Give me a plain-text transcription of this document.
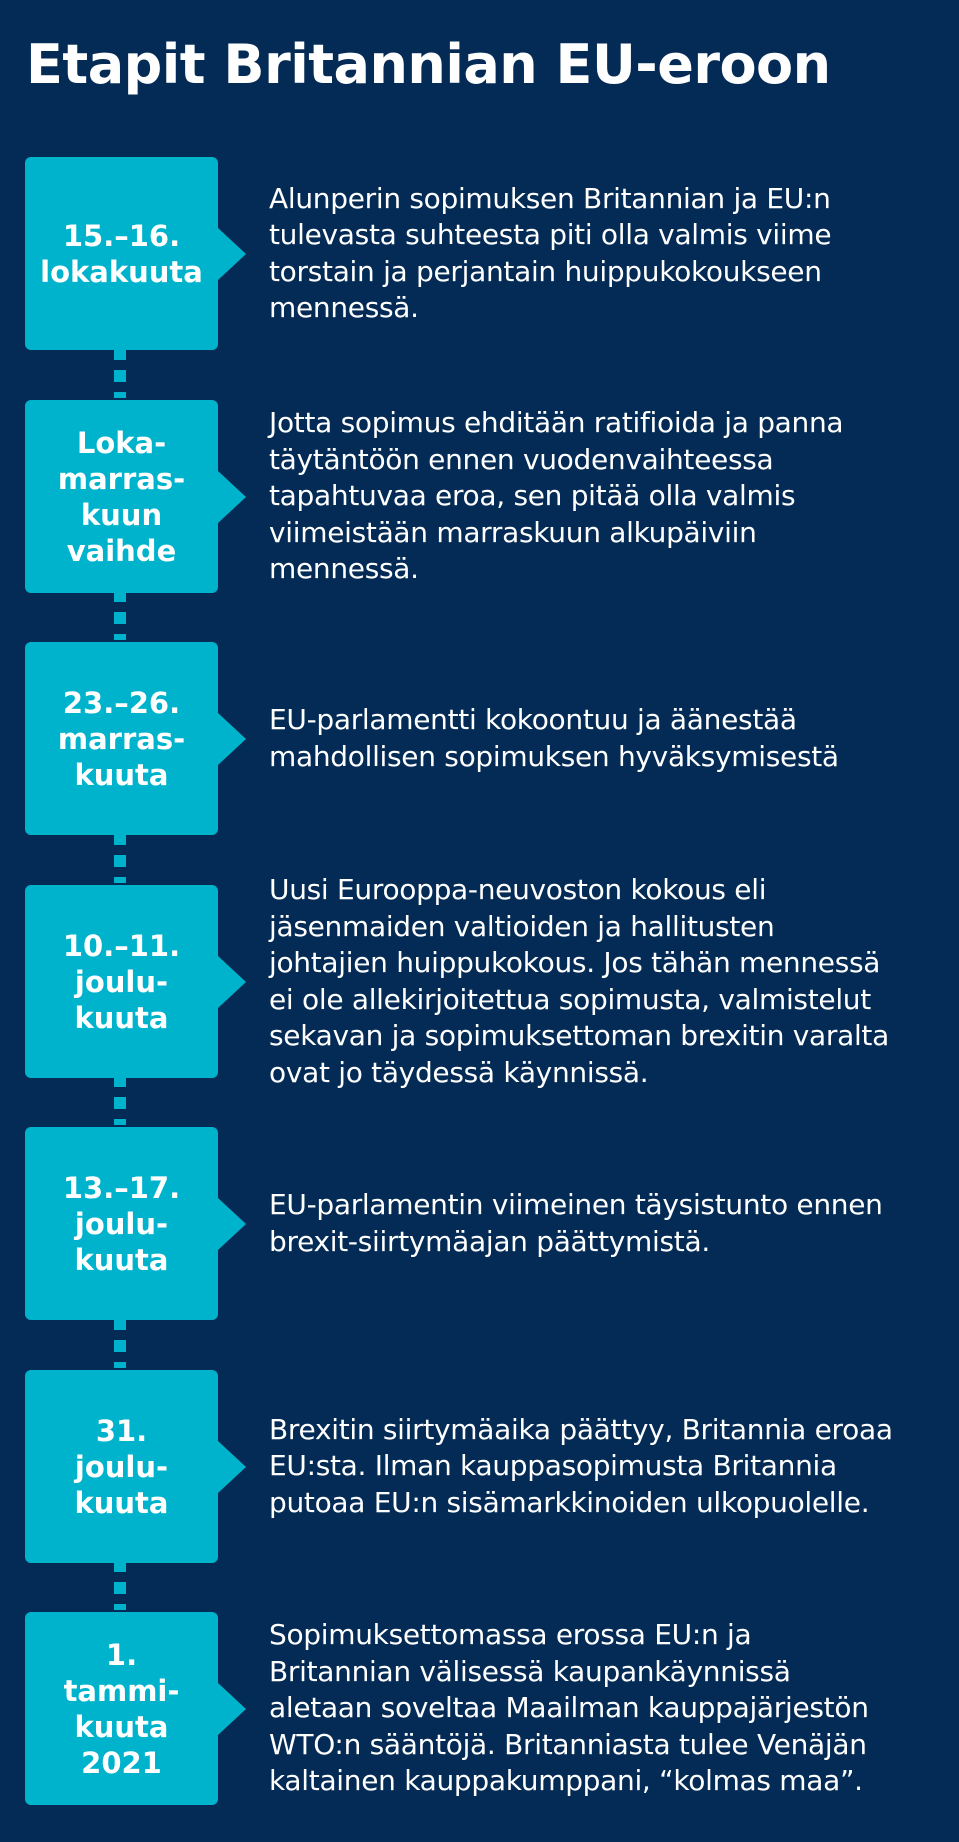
Etapit Britannian EU-eroon
15.–16.
lokakuuta
Alunperin sopimuksen Britannian ja EU:n
tulevasta suhteesta piti olla valmis viime
torstain ja perjantain huippukokoukseen
mennessä.
Loka-
marras-
kuun
vaihde
Jotta sopimus ehditään ratifioida ja panna
täytäntöön ennen vuodenvaihteessa
tapahtuvaa eroa, sen pitää olla valmis
viimeistään marraskuun alkupäiviin
mennessä.
23.–26.
marras-
kuuta
EU-parlamentti kokoontuu ja äänestää
mahdollisen sopimuksen hyväksymisestä
10.–11.
joulu-
kuuta
Uusi Eurooppa-neuvoston kokous eli
jäsenmaiden valtioiden ja hallitusten
johtajien huippukokous. Jos tähän mennessä
ei ole allekirjoitettua sopimusta, valmistelut
sekavan ja sopimuksettoman brexitin varalta
ovat jo täydessä käynnissä.
13.–17.
joulu-
kuuta
EU-parlamentin viimeinen täysistunto ennen
brexit-siirtymäajan päättymistä.
31.
joulu-
kuuta
Brexitin siirtymäaika päättyy, Britannia eroaa
EU:sta. Ilman kauppasopimusta Britannia
putoaa EU:n sisämarkkinoiden ulkopuolelle.
1.
tammi-
kuuta
2021
Sopimuksettomassa erossa EU:n ja
Britannian välisessä kaupankäynnissä
aletaan soveltaa Maailman kauppajärjestön
WTO:n sääntöjä. Britanniasta tulee Venäjän
kaltainen kauppakumppani, “kolmas maa”.
